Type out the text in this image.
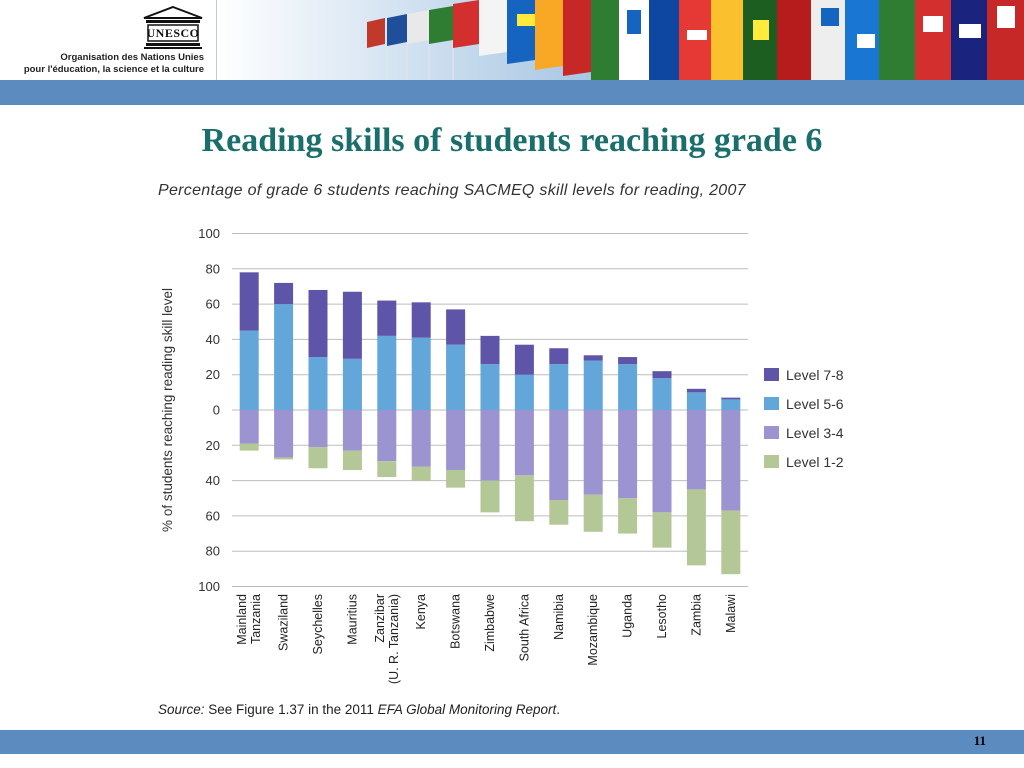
UNESCO
Organisation des Nations Unies
pour l'éducation, la science et la culture
Reading skills of students reaching grade 6
Percentage of grade 6 students reaching SACMEQ skill levels for reading, 2007
100
80
60
40
20
0
20
40
60
80
100
% of students reaching reading skill level
Mainland Tanzania Swaziland Seychelles Mauritius Zanzibar (U. R. Tanzania) Kenya Botswana Zimbabwe South Africa Namibia Mozambique Uganda Lesotho Zambia Malawi
Level 7-8
Level 5-6
Level 3-4
Level 1-2
Source: See Figure 1.37 in the 2011 EFA Global Monitoring Report.
11
